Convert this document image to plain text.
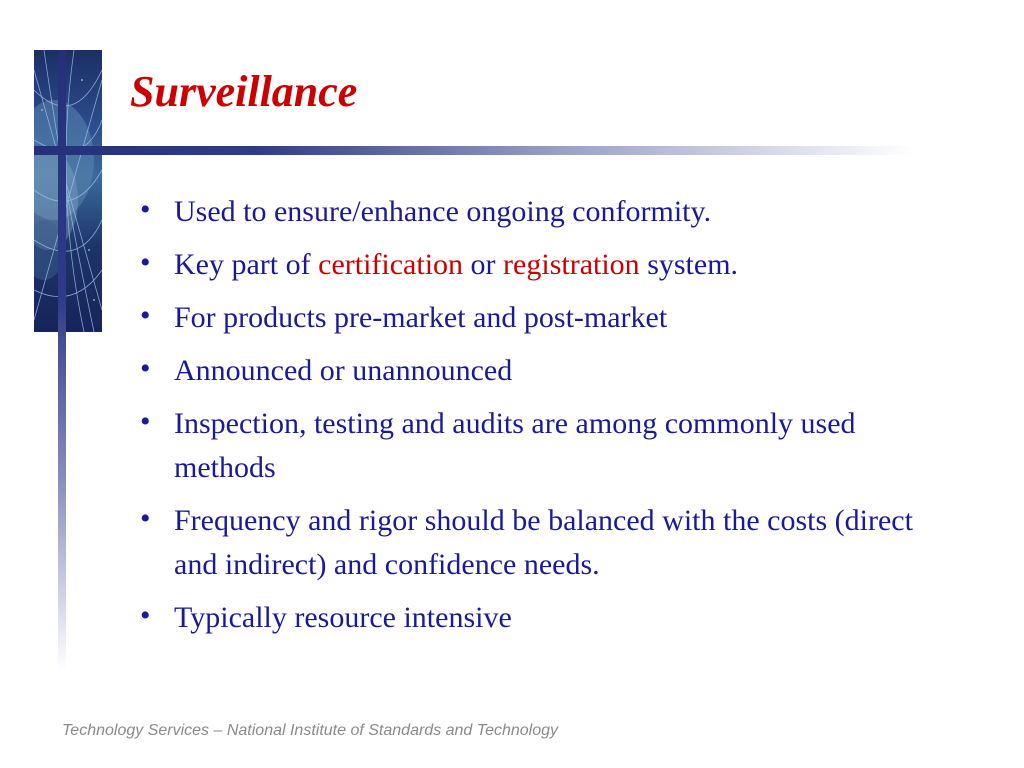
Surveillance
• Used to ensure/enhance ongoing conformity.
• Key part of certification or registration system.
• For products pre-market and post-market
• Announced or unannounced
• Inspection, testing and audits are among commonly used methods
• Frequency and rigor should be balanced with the costs (direct and indirect) and confidence needs.
• Typically resource intensive
Technology Services – National Institute of Standards and Technology
